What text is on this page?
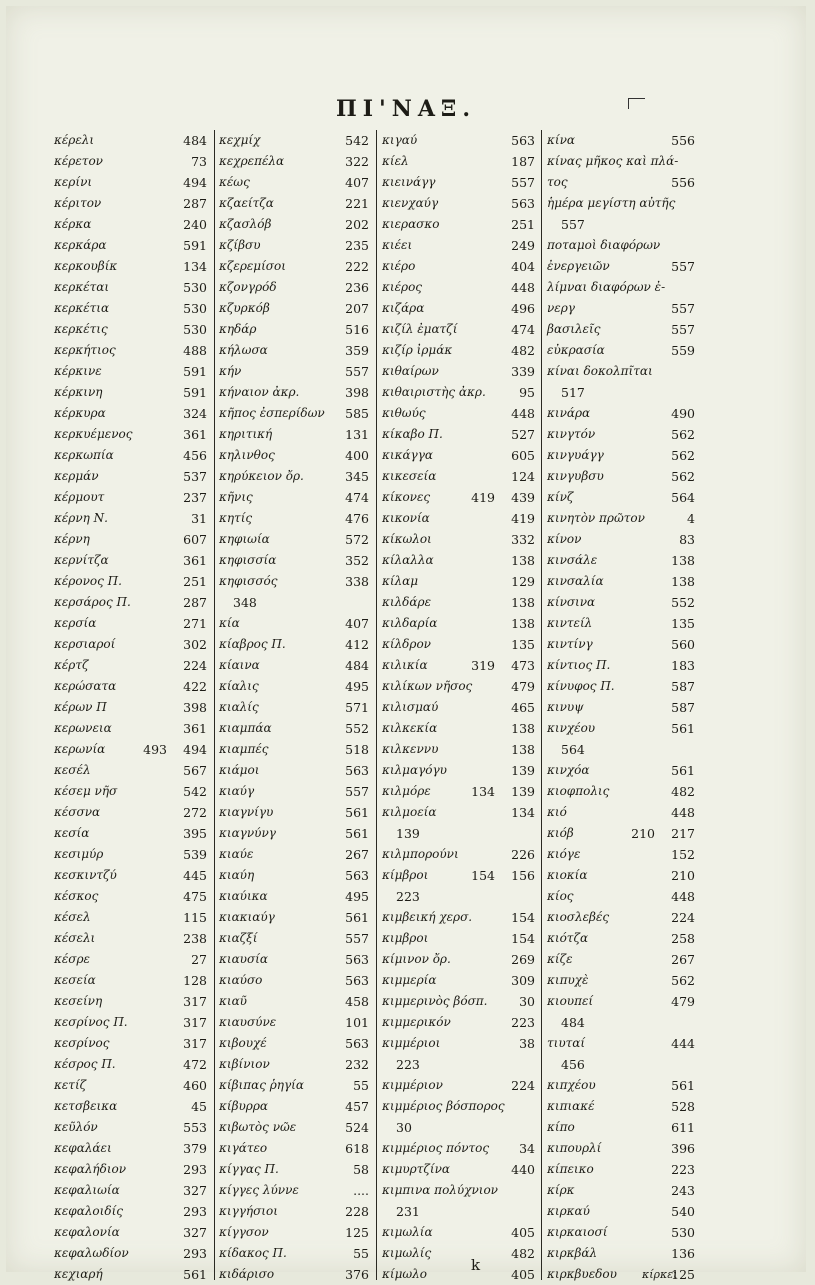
ΠΙ'ΝΑΞ.
κέρελι	484
κέρετον	73
κερίνι	494
κέριτον	287
κέρκα	240
κερκάρα	591
κερκουβίκ	134
κερκέται	530
κερκέτια	530
κερκέτις	530
κερκήτιος	488
κέρκινε	591
κέρκινη	591
κέρκυρα	324
κερκυέμενος	361
κερκωπία	456
κερμάν	537
κέρμουτ	237
κέρνη Ν.	31
κέρνη	607
κερνίτζα	361
κέρονος Π.	251
κερσάρος Π.	287
κερσία	271
κερσιαροί	302
κέρτζ	224
κερώσατα	422
κέρων Π	398
κερωνεια	361
κερωνία	493 494
κεσέλ	567
κέσεμ νῆσ	542
κέσσνα	272
κεσία	395
κεσιμύρ	539
κεσκιντζύ	445
κέσκος	475
κέσελ	115
κέσελι	238
κέσρε	27
κεσεία	128
κεσείνη	317
κεσρίνος Π.	317
κεσρίνος	317
κέσρος Π.	472
κετίζ	460
κετσβεικα	45
κεῦλόν	553
κεφαλάει	379
κεφαλήδιον	293
κεφαλιωία	327
κεφαλοιδίς	293
κεφαλονία	327
κεφαλωδίον	293
κεχιαρή	561
κεχμίχ	542
κεχρεπέλα	322
κέως	407
κζαείτζα	221
κζασλόβ	202
κζίβσυ	235
κζερεμίσοι	222
κζονγρόδ	236
κζυρκόβ	207
κηδάρ	516
κήλωσα	359
κήν	557
κήναιον ἀκρ.	398
κῆπος ἐσπερίδων 585
κηριτική	131
κηλινθος	400
κηρύκειον ὄρ.	345
κῆνις	474
κητίς	476
κηφιωία	572
κηφισσία	352
κηφισσός	338
348
κία	407
κίαβρος Π.	412
κίαινα	484
κίαλις	495
κιαλίς	571
κιαμπάα	552
κιαμπές	518
κιάμοι	563
κιαύγ	557
κιαγνίγυ	561
κιαγνύνγ	561
κιαύε	267
κιαύη	563
κιαύικα	495
κιακιαύγ	561
κιαζξί	557
κιαυσία	563
κιαύσο	563
κιαῦ	458
κιαυσύνε	101
κιβουχέ	563
κιβίνιον	232
κίβιπας ῥηγία	55
κίβυρρα	457
κιβωτὸς νῶε	524
κιγάτεο	618
κίγγας Π.	58
κίγγες λύννε	....
κιγγήσιοι	228
κίγγσον	125
κίδακος Π.	55
κιδάρισο	376
κιγαύ	563
κίελ	187
κιεινάγγ	557
κιενχαύγ	563
κιερασκο	251
κιέει	249
κιέρο	404
κιέρος	448
κιζάρα	496
κιζίλ ἐματζί	474
κιζίρ ἰρμάκ	482
κιθαίρων	339
κιθαιριστὴς ἀκρ.	95
κιθωύς	448
κίκαβο Π.	527
κικάγγα	605
κικεσεία	124
κίκονες	419 439
κικονία	419
κίκωλοι	332
κίλαλλα	138
κίλαμ	129
κιλδάρε	138
κιλδαρία	138
κίλδρον	135
κιλικία	319 473
κιλίκων νῆσος	479
κιλισμαύ	465
κιλκεκία	138
κιλκεννυ	138
κιλμαγόγυ	139
κιλμόρε	134 139
κιλμοεία	134
139
κιλμπορούνι	226
κίμβροι	154 156
223
κιμβεική χερσ.	154
κιμβροι	154
κίμινον ὄρ.	269
κιμμερία	309
κιμμερινὸς βόσπ.	30
κιμμερικόν	223
κιμμέριοι	38
223
κιμμέριον	224
κιμμέριος βόσπορος
30
κιμμέριος πόντος 34
κιμυρτζίνα	440
κιμπινα πολύχνιον
231
κιμωλία	405
κιμωλίς	482
κίμωλο	405
κίνα	556
κίνας μῆκος καὶ πλά-
τος	556
ἡμέρα μεγίστη αὐτῆς
557
ποταμοὶ διαφόρων
ἐνεργειῶν	557
λίμναι διαφόρων ἐ-
νεργ	557
βασιλεῖς	557
εὐκρασία	559
κίναι δοκολπῖται
517
κινάρα	490
κινγτόν	562
κινγυάγγ	562
κινγυβσυ	562
κίνζ	564
κινητὸν πρῶτον	4
κίνον	83
κινσάλε	138
κινσαλία	138
κίνσινα	552
κιντείλ	135
κιντίνγ	560
κίντιος Π.	183
κίνυφος Π.	587
κινυψ	587
κινχέου	561
564
κινχόα	561
κιοφπολις	482
κιό	448
κιόβ	210 217
κιόγε	152
κιοκία	210
κίος	448
κιοσλεβές	224
κιότζα	258
κίζε	267
κιπυχὲ	562
κιουπεί	479
484
τιυταί	444
456
κιπχέου	561
κιπιακέ	528
κίπο	611
κιπουρλί	396
κίπεικο	223
κίρκ	243
κιρκαύ	540
κιρκαιοσί	530
κιρκβάλ	136
κιρκβυεδου	125
k
κίρκει
